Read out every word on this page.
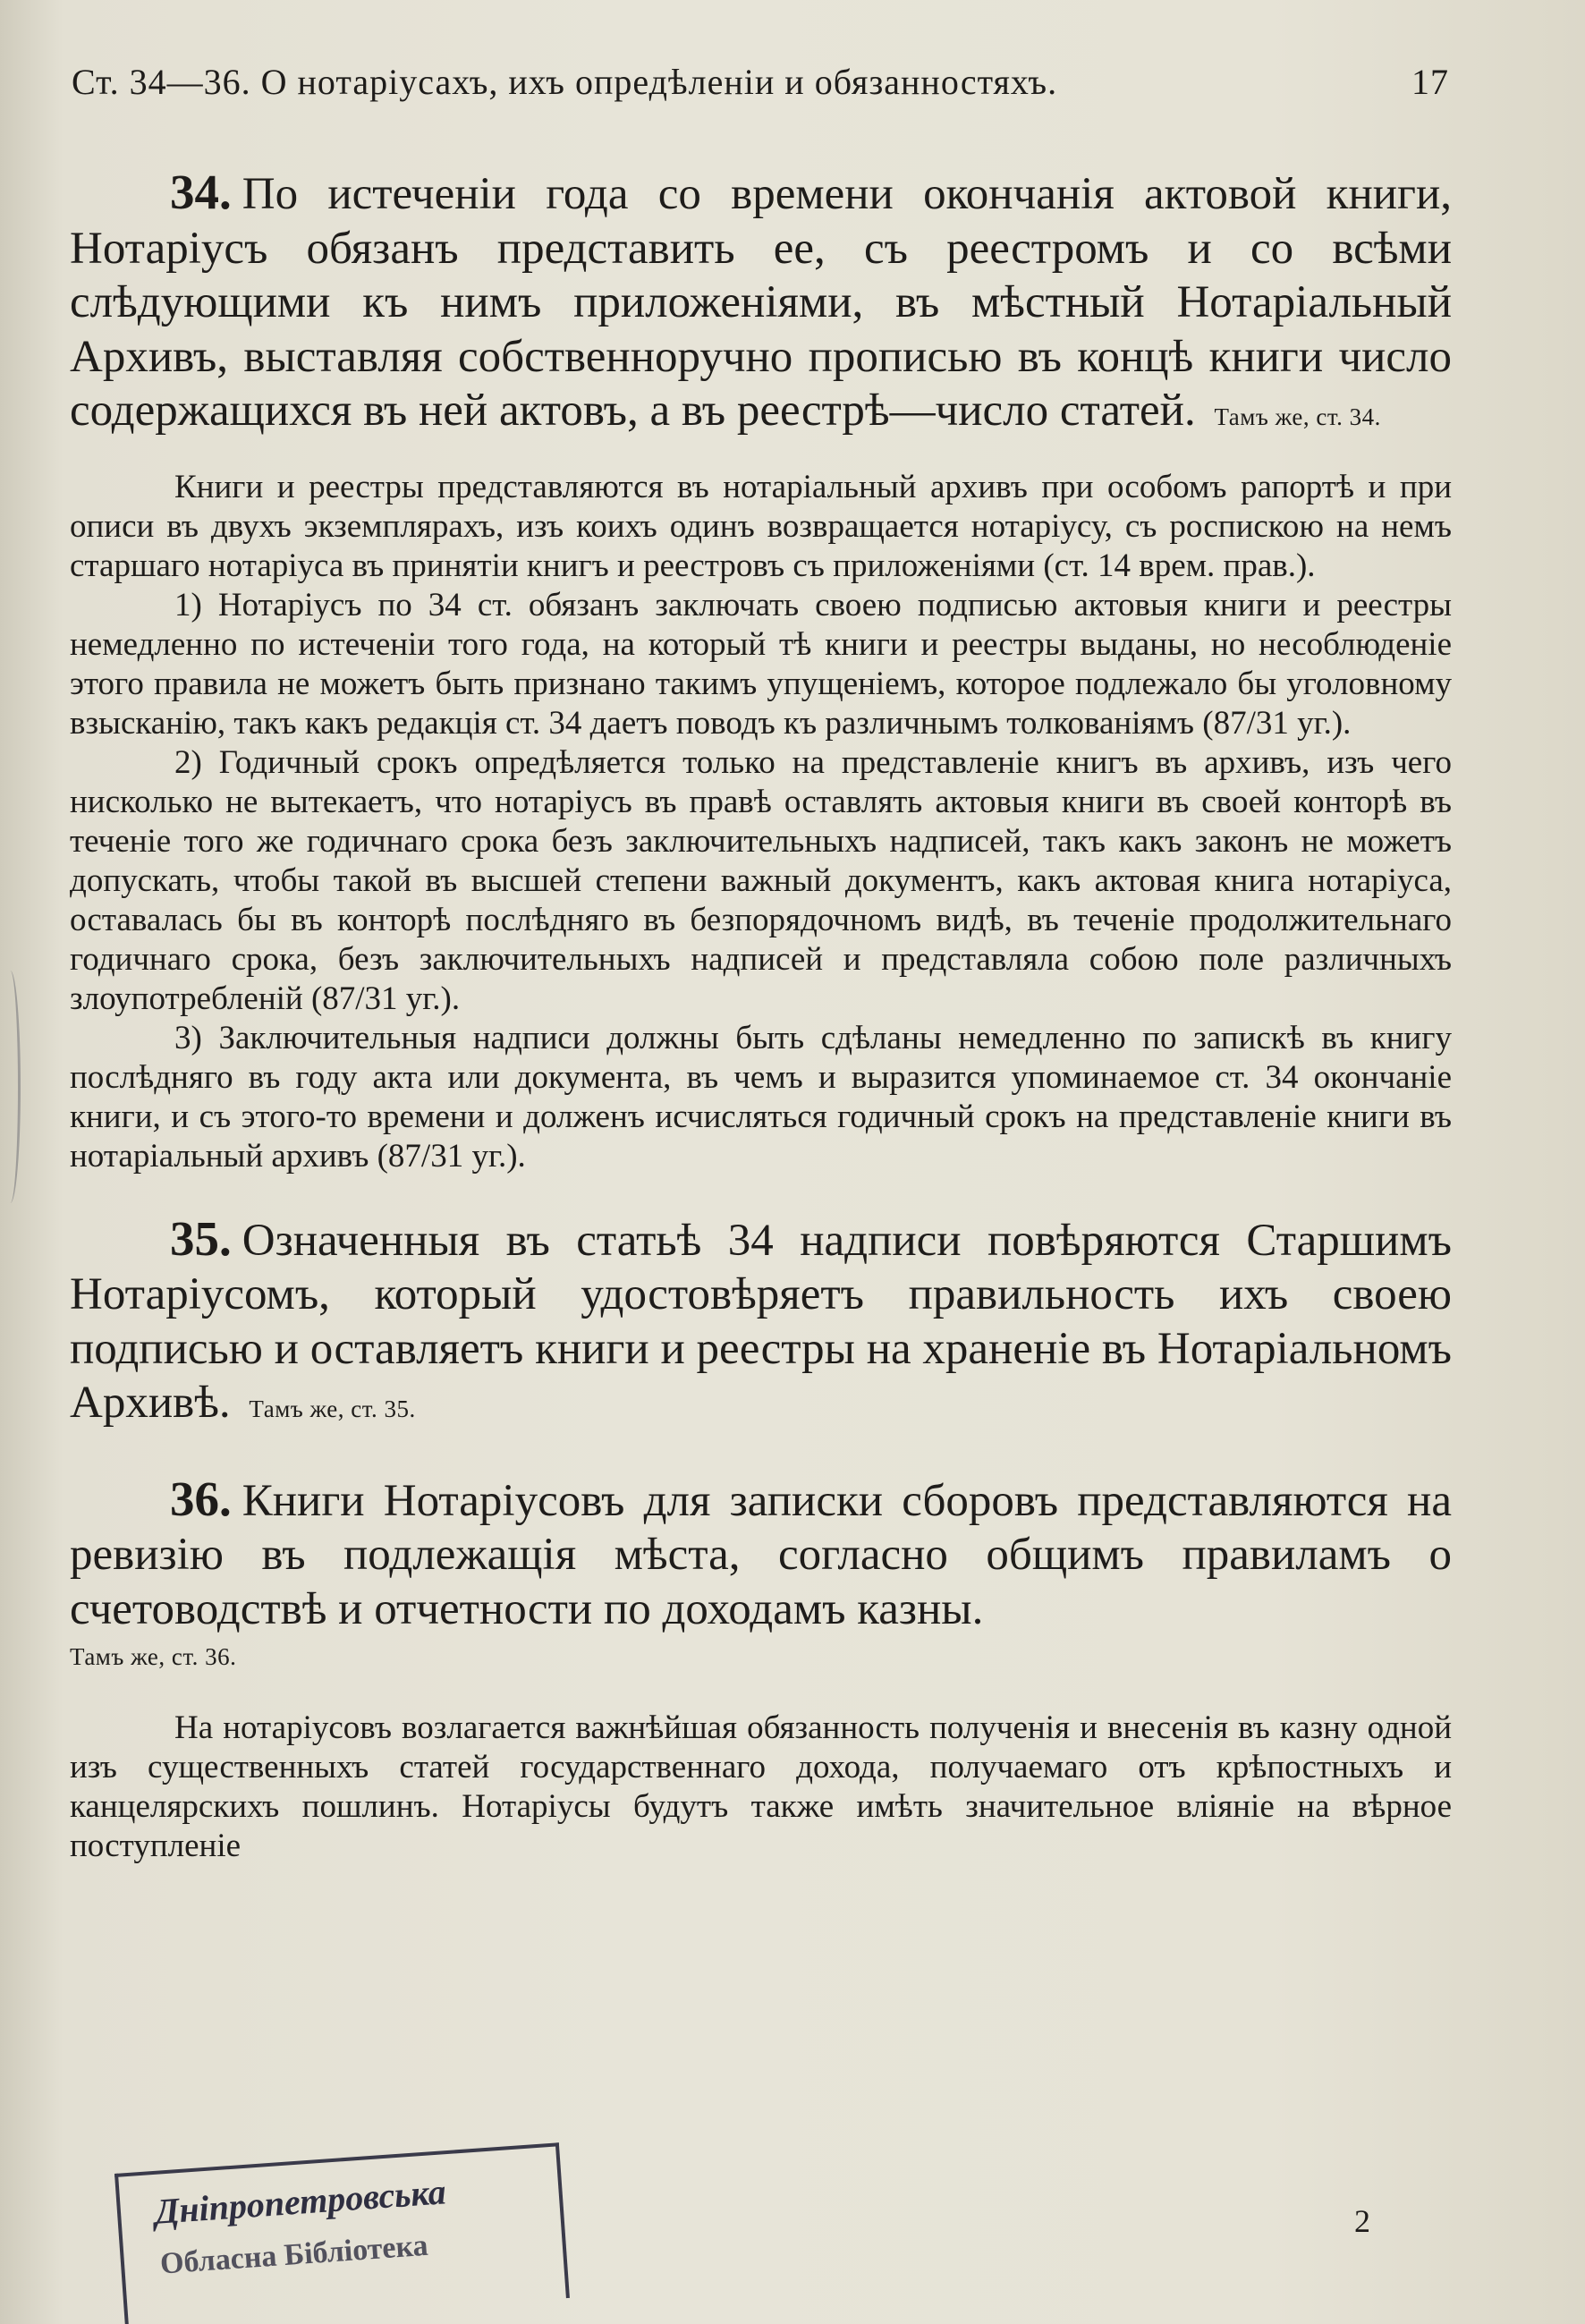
Ст. 34—36. О нотаріусахъ, ихъ опредѣленіи и обязанностяхъ.	17

34. По истеченіи года со времени окончанія актовой книги, Нотаріусъ обязанъ представить ее, съ реестромъ и со всѣми слѣдующими къ нимъ приложеніями, въ мѣстный Нотаріальный Архивъ, выставляя собственноручно прописью въ концѣ книги число содержащихся въ ней актовъ, а въ реестрѣ—число статей. Тамъ же, ст. 34.

Книги и реестры представляются въ нотаріальный архивъ при особомъ рапортѣ и при описи въ двухъ экземплярахъ, изъ коихъ одинъ возвращается нотаріусу, съ роспискою на немъ старшаго нотаріуса въ принятіи книгъ и реестровъ съ приложеніями (ст. 14 врем. прав.).

1) Нотаріусъ по 34 ст. обязанъ заключать своею подписью актовыя книги и реестры немедленно по истеченіи того года, на который тѣ книги и реестры выданы, но несоблюденіе этого правила не можетъ быть признано такимъ упущеніемъ, которое подлежало бы уголовному взысканію, такъ какъ редакція ст. 34 даетъ поводъ къ различнымъ толкованіямъ (87/31 уг.).

2) Годичный срокъ опредѣляется только на представленіе книгъ въ архивъ, изъ чего нисколько не вытекаетъ, что нотаріусъ въ правѣ оставлять актовыя книги въ своей конторѣ въ теченіе того же годичнаго срока безъ заключительныхъ надписей, такъ какъ законъ не можетъ допускать, чтобы такой въ высшей степени важный документъ, какъ актовая книга нотаріуса, оставалась бы въ конторѣ послѣдняго въ безпорядочномъ видѣ, въ теченіе продолжительнаго годичнаго срока, безъ заключительныхъ надписей и представляла собою поле различныхъ злоупотребленій (87/31 уг.).

3) Заключительныя надписи должны быть сдѣланы немедленно по запискѣ въ книгу послѣдняго въ году акта или документа, въ чемъ и выразится упоминаемое ст. 34 окончаніе книги, и съ этого-то времени и долженъ исчисляться годичный срокъ на представленіе книги въ нотаріальный архивъ (87/31 уг.).

35. Означенныя въ статьѣ 34 надписи повѣряются Старшимъ Нотаріусомъ, который удостовѣряетъ правильность ихъ своею подписью и оставляетъ книги и реестры на храненіе въ Нотаріальномъ Архивѣ. Тамъ же, ст. 35.

36. Книги Нотаріусовъ для записки сборовъ представляются на ревизію въ подлежащія мѣста, согласно общимъ правиламъ о счетоводствѣ и отчетности по доходамъ казны.

Тамъ же, ст. 36.

На нотаріусовъ возлагается важнѣйшая обязанность полученія и внесенія въ казну одной изъ существенныхъ статей государственнаго дохода, получаемаго отъ крѣпостныхъ и канцелярскихъ пошлинъ. Нотаріусы будутъ также имѣть значительное вліяніе на вѣрное поступленіе

2
Дніпропетровська
Обласна Бібліотека
